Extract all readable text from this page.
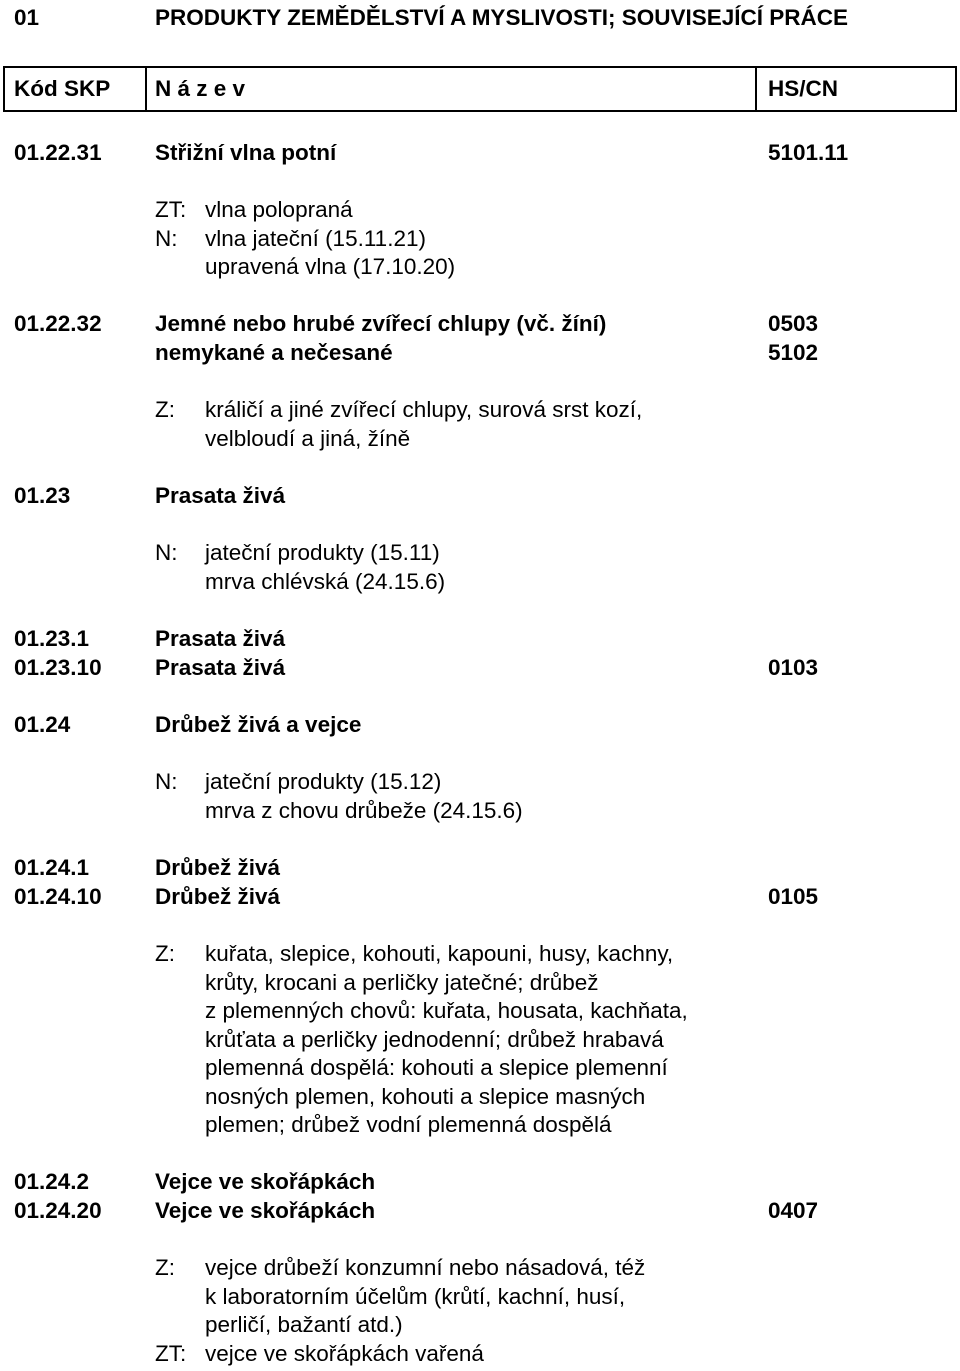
01	PRODUKTY ZEMĚDĚLSTVÍ A MYSLIVOSTI; SOUVISEJÍCÍ PRÁCE
Kód SKP N á z e v	HS/CN
01.22.31 Střižní vlna potní	5101.11
ZT: vlna polopraná
N: vlna jateční (15.11.21)
upravená vlna (17.10.20)
01.22.32 Jemné nebo hrubé zvířecí chlupy (vč. žíní)	0503
nemykané a nečesané	5102
Z: králičí a jiné zvířecí chlupy, surová srst kozí,
velbloudí a jiná, žíně
01.23	Prasata živá
N: jateční produkty (15.11)
mrva chlévská (24.15.6)
01.23.1	Prasata živá
01.23.10 Prasata živá	0103
01.24	Drůbež živá a vejce
N: jateční produkty (15.12)
mrva z chovu drůbeže (24.15.6)
01.24.1	Drůbež živá
01.24.10 Drůbež živá	0105
Z: kuřata, slepice, kohouti, kapouni, husy, kachny,
krůty, krocani a perličky jatečné; drůbež
z plemenných chovů: kuřata, housata, kachňata,
krůťata a perličky jednodenní; drůbež hrabavá
plemenná dospělá: kohouti a slepice plemenní
nosných plemen, kohouti a slepice masných
plemen; drůbež vodní plemenná dospělá
01.24.2	Vejce ve skořápkách
01.24.20 Vejce ve skořápkách	0407
Z: vejce drůbeží konzumní nebo násadová, též
k laboratorním účelům (krůtí, kachní, husí,
perličí, bažantí atd.)
ZT: vejce ve skořápkách vařená
